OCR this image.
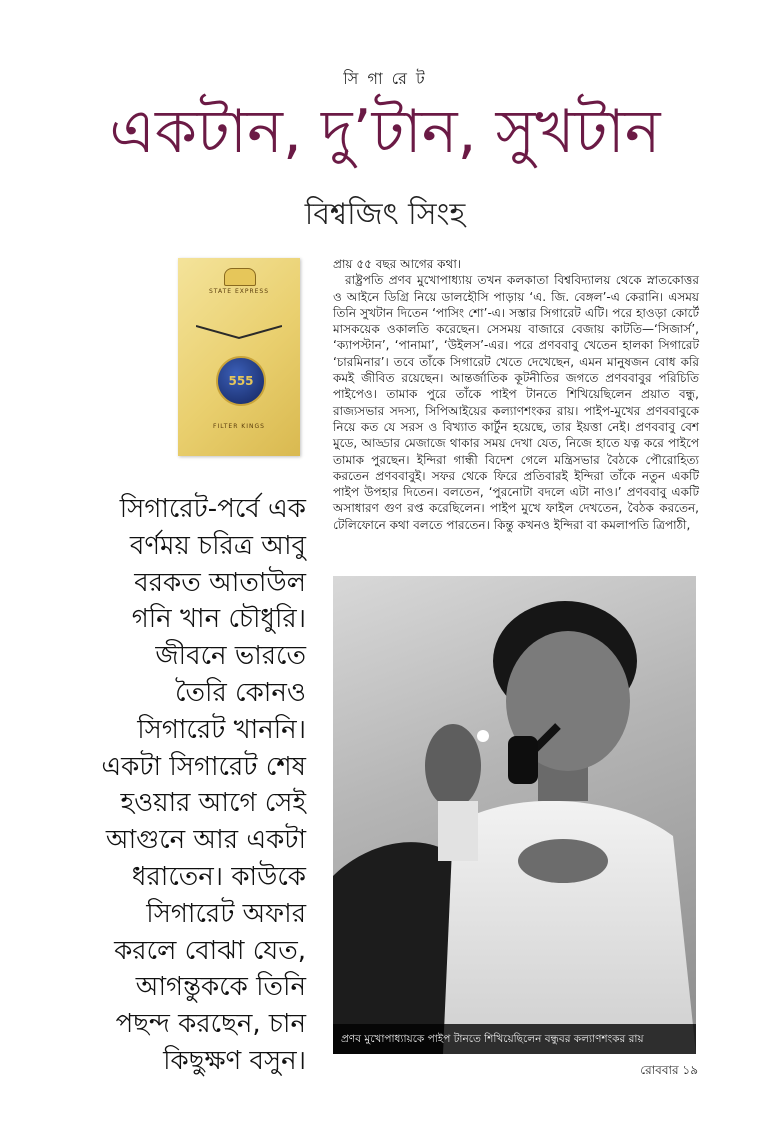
সি গা রে ট
একটান, দু’টান, সুখটান
বিশ্বজিৎ সিংহ
STATE EXPRESS
555
FILTER KINGS

প্রায় ৫৫ বছর আগের কথা।

রাষ্ট্রপতি প্রণব মুখোপাধ্যায় তখন কলকাতা বিশ্ববিদ্যালয় থেকে স্নাতকোত্তর ও আইনে ডিগ্রি নিয়ে ডালহৌসি পাড়ায় ‘এ. জি. বেঙ্গল’-এ কেরানি। এসময় তিনি সুখটান দিতেন ‘পাসিং শো’-এ। সস্তার সিগারেট এটি। পরে হাওড়া কোর্টে মাসকয়েক ওকালতি করেছেন। সেসময় বাজারে বেজায় কাটতি—‘সিজার্স’, ‘ক্যাপস্টান’, ‘পানামা’, ‘উইলস’-এর। পরে প্রণববাবু খেতেন হালকা সিগারেট ‘চারমিনার’। তবে তাঁকে সিগারেট খেতে দেখেছেন, এমন মানুষজন বোধ করি কমই জীবিত রয়েছেন। আন্তর্জাতিক কূটনীতির জগতে প্রণববাবুর পরিচিতি পাইপেও। তামাক পুরে তাঁকে পাইপ টানতে শিখিয়েছিলেন প্রয়াত বন্ধু, রাজ্যসভার সদস্য, সিপিআইয়ের কল্যাণশংকর রায়। পাইপ-মুখের প্রণববাবুকে নিয়ে কত যে সরস ও বিখ্যাত কার্টুন হয়েছে, তার ইয়ত্তা নেই। প্রণববাবু বেশ মুডে, আড্ডার মেজাজে থাকার সময় দেখা যেত, নিজে হাতে যত্ন করে পাইপে তামাক পুরছেন। ইন্দিরা গান্ধী বিদেশ গেলে মন্ত্রিসভার বৈঠকে পৌরোহিত্য করতেন প্রণববাবুই। সফর থেকে ফিরে প্রতিবারই ইন্দিরা তাঁকে নতুন একটি পাইপ উপহার দিতেন। বলতেন, ‘পুরনোটা বদলে এটা নাও।’ প্রণববাবু একটি অসাধারণ গুণ রপ্ত করেছিলেন। পাইপ মুখে ফাইল দেখতেন, বৈঠক করতেন, টেলিফোনে কথা বলতে পারতেন। কিন্তু কখনও ইন্দিরা বা কমলাপতি ত্রিপাঠী,

সিগারেট-পর্বে এক বর্ণময় চরিত্র আবু বরকত আতাউল গনি খান চৌধুরি। জীবনে ভারতে তৈরি কোনও সিগারেট খাননি। একটা সিগারেট শেষ হওয়ার আগে সেই আগুনে আর একটা ধরাতেন। কাউকে সিগারেট অফার করলে বোঝা যেত, আগন্তুককে তিনি পছন্দ করছেন, চান কিছুক্ষণ বসুন।
প্রণব মুখোপাধ্যায়কে পাইপ টানতে শিখিয়েছিলেন বন্ধুবর কল্যাণশংকর রায়
রোববার ১৯
